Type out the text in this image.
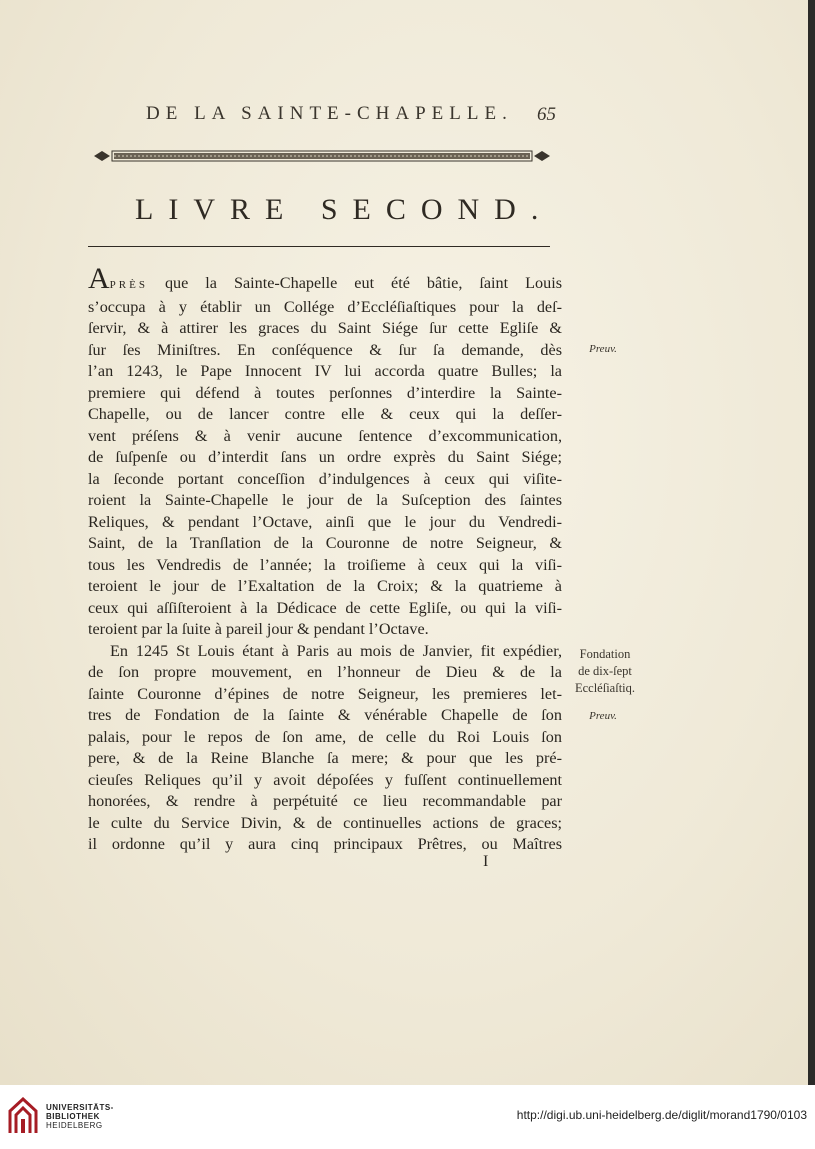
DE LA SAINTE-CHAPELLE.	65
LIVRE SECOND.
APRÈS que la Sainte-Chapelle eut été bâtie, ſaint Louis
s’occupa à y établir un Collége d’Eccléſiaſtiques pour la deſ-
ſervir, & à attirer les graces du Saint Siége ſur cette Egliſe &
ſur ſes Miniſtres. En conſéquence & ſur ſa demande, dès
l’an 1243, le Pape Innocent IV lui accorda quatre Bulles; la
premiere qui défend à toutes perſonnes d’interdire la Sainte-
Chapelle, ou de lancer contre elle & ceux qui la deſſer-
vent préſens & à venir aucune ſentence d’excommunication,
de ſuſpenſe ou d’interdit ſans un ordre exprès du Saint Siége;
la ſeconde portant conceſſion d’indulgences à ceux qui viſite-
roient la Sainte-Chapelle le jour de la Suſception des ſaintes
Reliques, & pendant l’Octave, ainſi que le jour du Vendredi-
Saint, de la Tranſlation de la Couronne de notre Seigneur, &
tous les Vendredis de l’année; la troiſieme à ceux qui la viſi-
teroient le jour de l’Exaltation de la Croix; & la quatrieme à
ceux qui aſſiſteroient à la Dédicace de cette Egliſe, ou qui la viſi-
teroient par la ſuite à pareil jour & pendant l’Octave.
En 1245 St Louis étant à Paris au mois de Janvier, fit expédier,
de ſon propre mouvement, en l’honneur de Dieu & de la
ſainte Couronne d’épines de notre Seigneur, les premieres let-
tres de Fondation de la ſainte & vénérable Chapelle de ſon
palais, pour le repos de ſon ame, de celle du Roi Louis ſon
pere, & de la Reine Blanche ſa mere; & pour que les pré-
cieuſes Reliques qu’il y avoit dépoſées y fuſſent continuellement
honorées, & rendre à perpétuité ce lieu recommandable par
le culte du Service Divin, & de continuelles actions de graces;
il ordonne qu’il y aura cinq principaux Prêtres, ou Maîtres
I
Preuv.
Fondation
de dix-ſept
Eccléſiaſtiq.
Preuv.
UNIVERSITÄTS-
BIBLIOTHEK
HEIDELBERG
http://digi.ub.uni-heidelberg.de/diglit/morand1790/0103
